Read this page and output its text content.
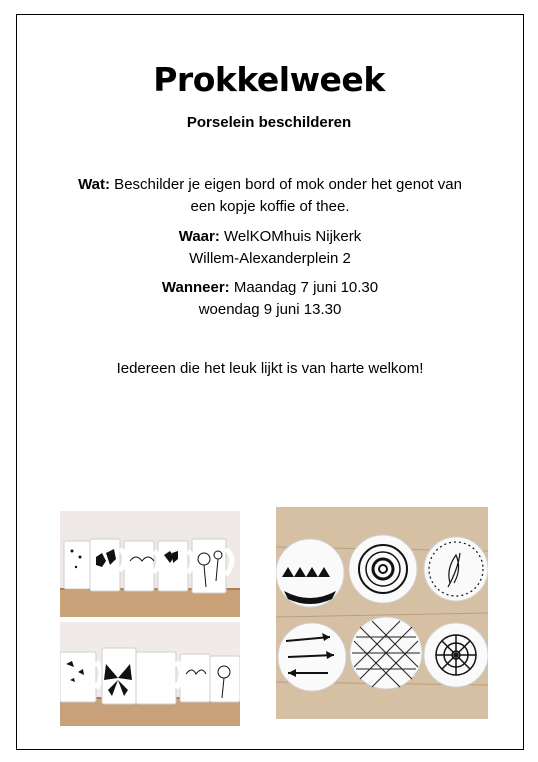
Prokkelweek
Porselein beschilderen
Wat: Beschilder je eigen bord of mok onder het genot van
een kopje koffie of thee.
Waar: WelKOMhuis Nijkerk
Willem-Alexanderplein 2
Wanneer: Maandag 7 juni 10.30
woendag 9 juni 13.30
Iedereen die het leuk lijkt is van harte welkom!
